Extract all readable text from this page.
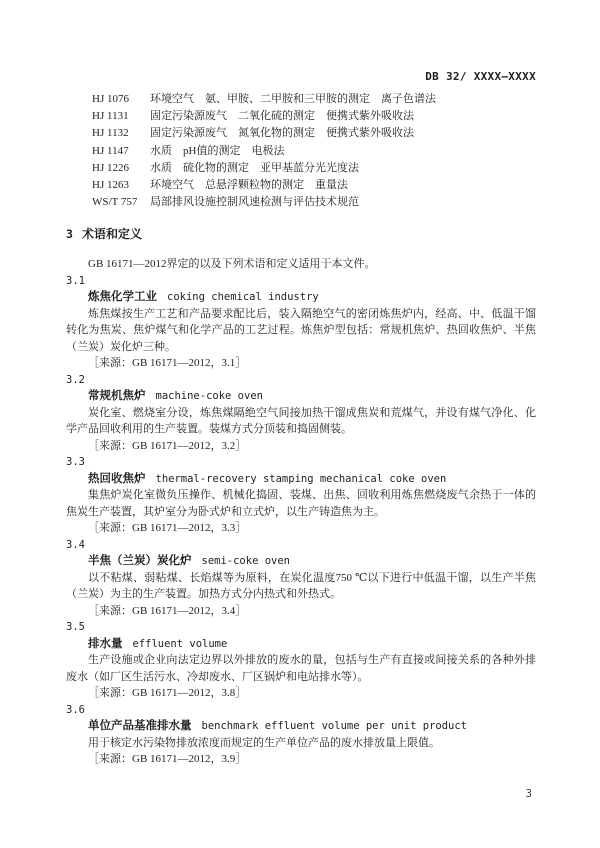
DB 32/ XXXX—XXXX
HJ 1076 环境空气　氨、甲胺、二甲胺和三甲胺的测定　离子色谱法
HJ 1131 固定污染源废气　二氧化硫的测定　便携式紫外吸收法
HJ 1132 固定污染源废气　氮氧化物的测定　便携式紫外吸收法
HJ 1147 水质　pH值的测定　电极法
HJ 1226 水质　硫化物的测定　亚甲基蓝分光光度法
HJ 1263 环境空气　总悬浮颗粒物的测定　重量法
WS/T 757 局部排风设施控制风速检测与评估技术规范
3 术语和定义

GB 16171—2012界定的以及下列术语和定义适用于本文件。

3.1
炼焦化学工业 coking chemical industry

炼焦煤按生产工艺和产品要求配比后，装入隔绝空气的密闭炼焦炉内，经高、中、低温干馏转化为焦炭、焦炉煤气和化学产品的工艺过程。炼焦炉型包括：常规机焦炉、热回收焦炉、半焦（兰炭）炭化炉三种。

［来源：GB 16171—2012，3.1］

3.2
常规机焦炉 machine-coke oven

炭化室、燃烧室分设，炼焦煤隔绝空气间接加热干馏成焦炭和荒煤气，并设有煤气净化、化学产品回收利用的生产装置。装煤方式分顶装和捣固侧装。

［来源：GB 16171—2012，3.2］

3.3
热回收焦炉 thermal-recovery stamping mechanical coke oven

集焦炉炭化室微负压操作、机械化捣固、装煤、出焦、回收利用炼焦燃烧废气余热于一体的焦炭生产装置，其炉室分为卧式炉和立式炉，以生产铸造焦为主。

［来源：GB 16171—2012，3.3］

3.4
半焦（兰炭）炭化炉 semi-coke oven

以不粘煤、弱粘煤、长焰煤等为原料，在炭化温度750 ℃以下进行中低温干馏，以生产半焦（兰炭）为主的生产装置。加热方式分内热式和外热式。

［来源：GB 16171—2012，3.4］

3.5
排水量 effluent volume

生产设施或企业向法定边界以外排放的废水的量，包括与生产有直接或间接关系的各种外排废水（如厂区生活污水、冷却废水、厂区锅炉和电站排水等）。

［来源：GB 16171—2012，3.8］

3.6
单位产品基准排水量 benchmark effluent volume per unit product

用于核定水污染物排放浓度而规定的生产单位产品的废水排放量上限值。

［来源：GB 16171—2012，3.9］

3
